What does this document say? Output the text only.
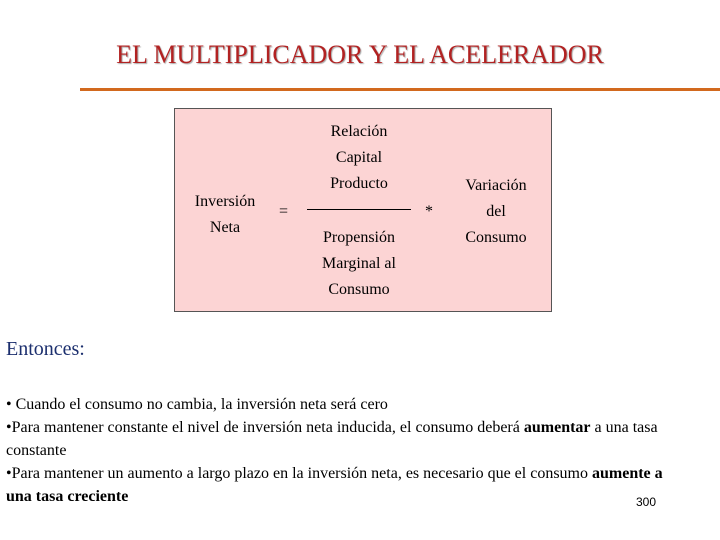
EL MULTIPLICADOR Y EL ACELERADOR
Inversión
Neta
=
Relación
Capital
Producto
Propensión
Marginal al
Consumo
*
Variación
del
Consumo
Entonces:

• Cuando el consumo no cambia, la inversión neta será cero

•Para mantener constante el nivel de inversión neta inducida, el consumo deberá aumentar a una tasa constante

•Para mantener un aumento a largo plazo en la inversión neta, es necesario que el consumo aumente a una tasa creciente	300
